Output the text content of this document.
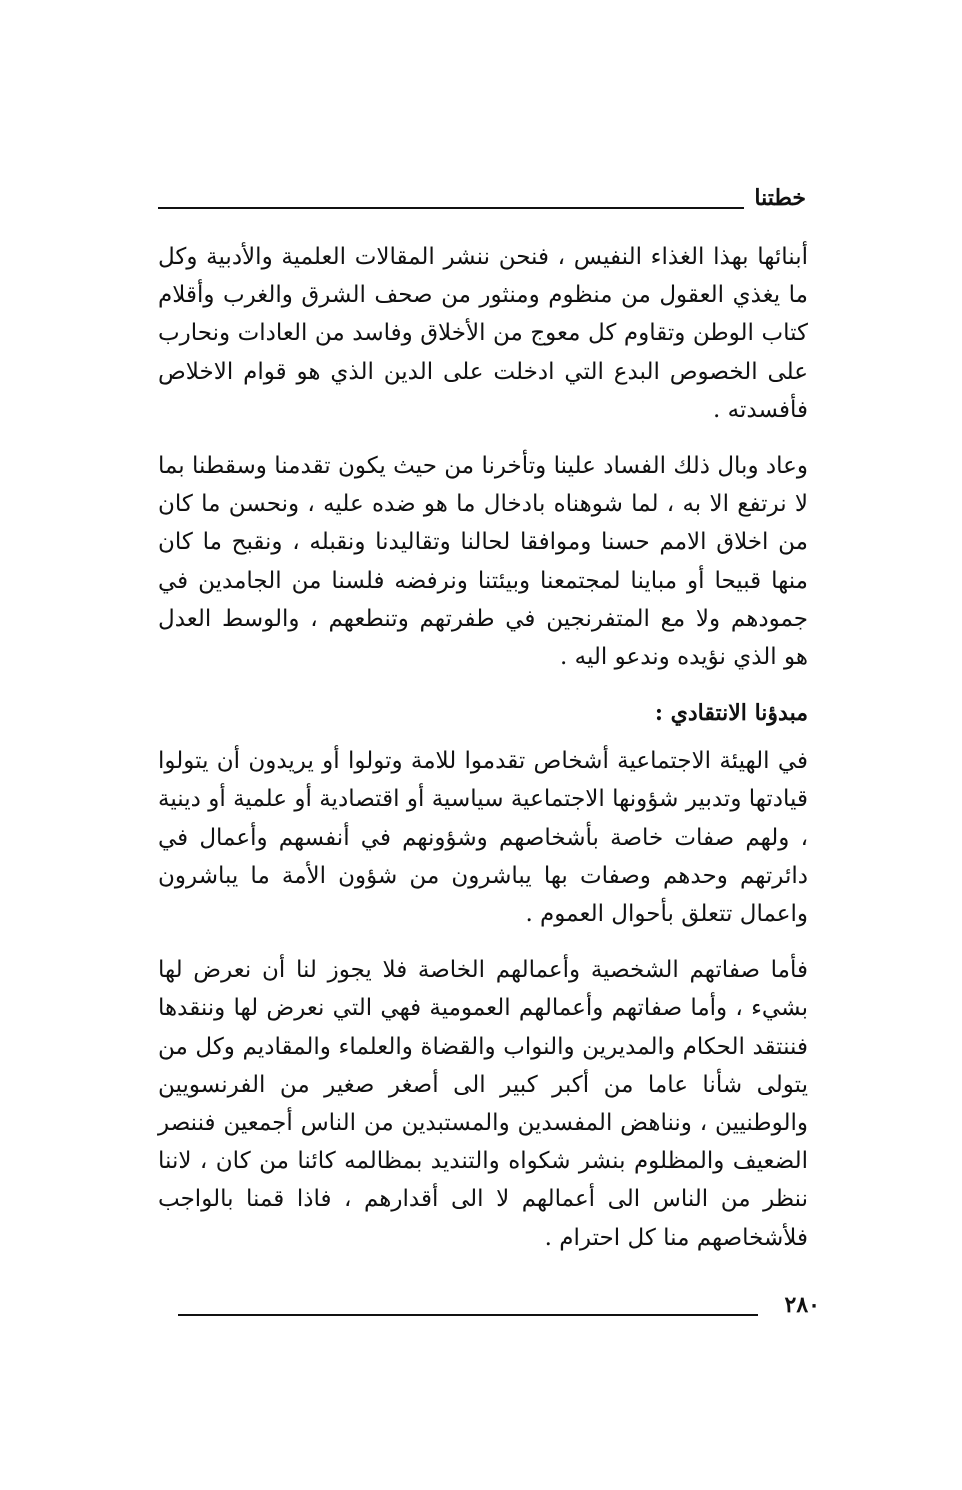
خطتنا

أبنائها بهذا الغذاء النفيس ، فنحن ننشر المقالات العلمية والأدبية وكل ما يغذي العقول من منظوم ومنثور من صحف الشرق والغرب وأقلام كتاب الوطن وتقاوم كل معوج من الأخلاق وفاسد من العادات ونحارب على الخصوص البدع التي ادخلت على الدين الذي هو قوام الاخلاص فأفسدته .

وعاد وبال ذلك الفساد علينا وتأخرنا من حيث يكون تقدمنا وسقطنا بما لا نرتفع الا به ، لما شوهناه بادخال ما هو ضده عليه ، ونحسن ما كان من اخلاق الامم حسنا وموافقا لحالنا وتقاليدنا ونقبله ، ونقبح ما كان منها قبيحا أو مباينا لمجتمعنا وبيئتنا ونرفضه فلسنا من الجامدين في جمودهم ولا مع المتفرنجين في طفرتهم وتنطعهم ، والوسط العدل هو الذي نؤيده وندعو اليه .

مبدؤنا الانتقادي :

في الهيئة الاجتماعية أشخاص تقدموا للامة وتولوا أو يريدون أن يتولوا قيادتها وتدبير شؤونها الاجتماعية سياسية أو اقتصادية أو علمية أو دينية ، ولهم صفات خاصة بأشخاصهم وشؤونهم في أنفسهم وأعمال في دائرتهم وحدهم وصفات بها يباشرون من شؤون الأمة ما يباشرون واعمال تتعلق بأحوال العموم .

فأما صفاتهم الشخصية وأعمالهم الخاصة فلا يجوز لنا أن نعرض لها بشيء ، وأما صفاتهم وأعمالهم العمومية فهي التي نعرض لها وننقدها فننتقد الحكام والمديرين والنواب والقضاة والعلماء والمقاديم وكل من يتولى شأنا عاما من أكبر كبير الى أصغر صغير من الفرنسويين والوطنيين ، ونناهض المفسدين والمستبدين من الناس أجمعين فننصر الضعيف والمظلوم بنشر شكواه والتنديد بمظالمه كائنا من كان ، لاننا ننظر من الناس الى أعمالهم لا الى أقدارهم ، فاذا قمنا بالواجب فلأشخاصهم منا كل احترام .

٢٨٠
